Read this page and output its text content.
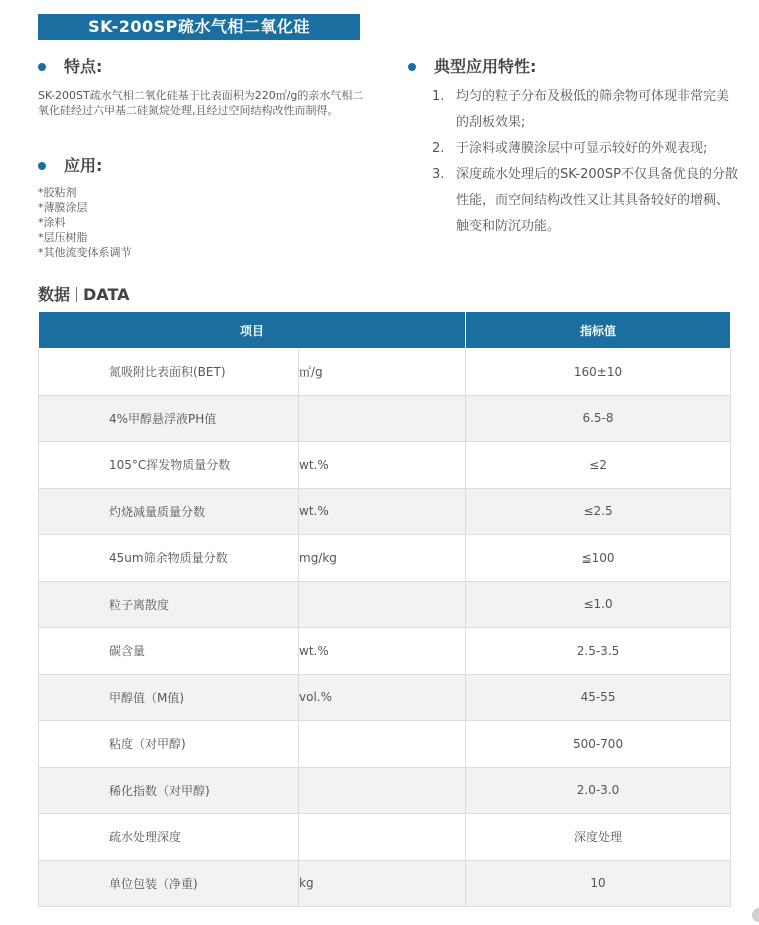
SK-200SP疏水气相二氧化硅
特点:
SK-200ST疏水气相二氧化硅基于比表面积为220㎡/g的亲水气相二氧化硅经过六甲基二硅氮烷处理,且经过空间结构改性而制得。
应用:
*胶粘剂
*薄膜涂层
*涂料
*层压树脂
*其他流变体系调节
典型应用特性:
1. 均匀的粒子分布及极低的筛余物可体现非常完美的刮板效果;
2. 于涂料或薄膜涂层中可显示较好的外观表现;
3. 深度疏水处理后的SK-200SP不仅具备优良的分散性能，而空间结构改性又让其具备较好的增稠、触变和防沉功能。
数据 DATA
项目		指标值
氮吸附比表面积(BET)	㎡/g	160±10
4%甲醇悬浮液PH值		6.5-8
105°C挥发物质量分数	wt.%	≤2
灼烧减量质量分数	wt.%	≤2.5
45um筛余物质量分数	mg/kg	≦100
粒子离散度		≤1.0
碳含量	wt.%	2.5-3.5
甲醇值（M值)	vol.%	45-55
粘度（对甲醇)		500-700
稀化指数（对甲醇)		2.0-3.0
疏水处理深度		深度处理
单位包装（净重)	kg	10
